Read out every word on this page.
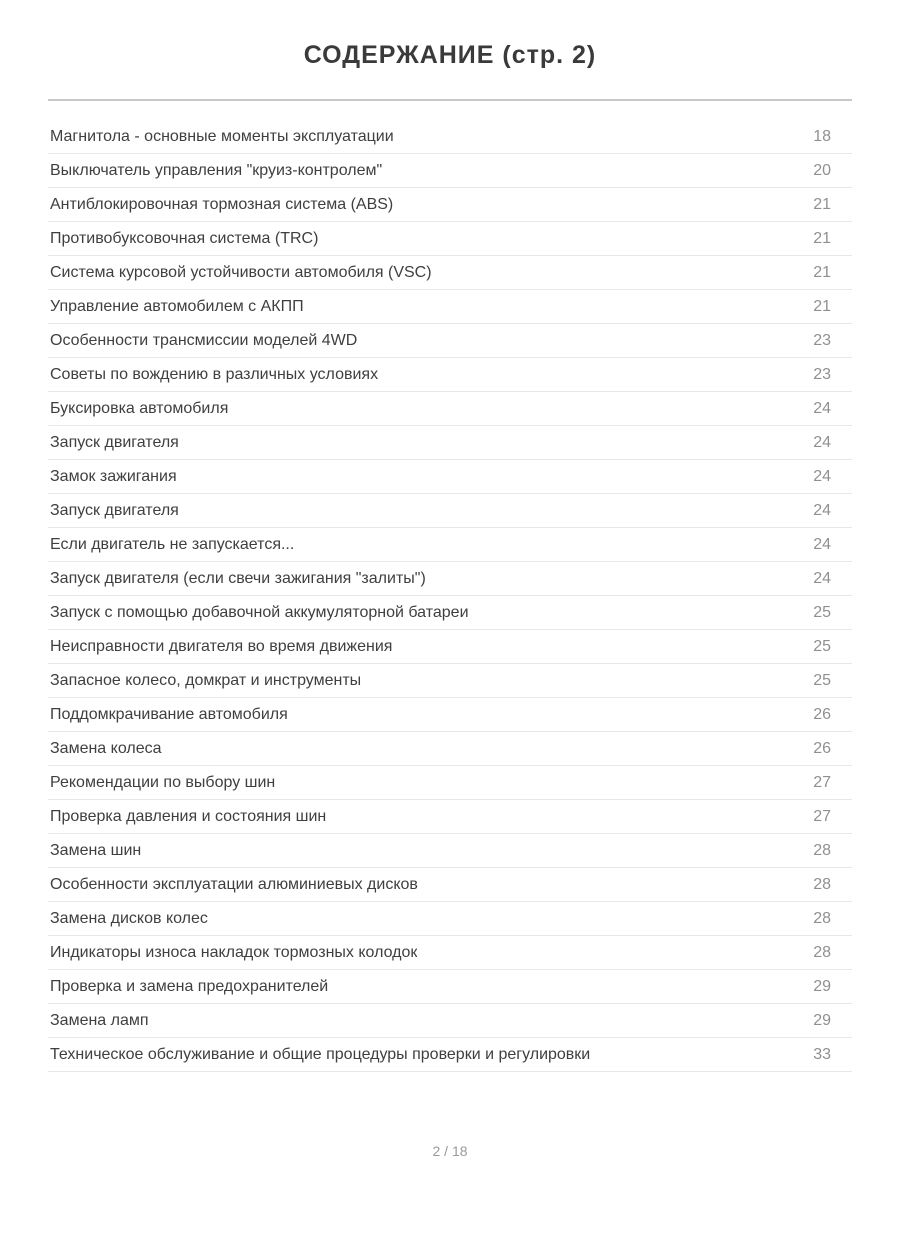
СОДЕРЖАНИЕ (стр. 2)
Магнитола - основные моменты эксплуатации	18
Выключатель управления "круиз-контролем"	20
Антиблокировочная тормозная система (ABS)	21
Противобуксовочная система (TRC)	21
Система курсовой устойчивости автомобиля (VSC)	21
Управление автомобилем с АКПП	21
Особенности трансмиссии моделей 4WD	23
Советы по вождению в различных условиях	23
Буксировка автомобиля	24
Запуск двигателя	24
Замок зажигания	24
Запуск двигателя	24
Если двигатель не запускается...	24
Запуск двигателя (если свечи зажигания "залиты")	24
Запуск с помощью добавочной аккумуляторной батареи	25
Неисправности двигателя во время движения	25
Запасное колесо, домкрат и инструменты	25
Поддомкрачивание автомобиля	26
Замена колеса	26
Рекомендации по выбору шин	27
Проверка давления и состояния шин	27
Замена шин	28
Особенности эксплуатации алюминиевых дисков	28
Замена дисков колес	28
Индикаторы износа накладок тормозных колодок	28
Проверка и замена предохранителей	29
Замена ламп	29
Техническое обслуживание и общие процедуры проверки и регулировки	33
2 / 18
